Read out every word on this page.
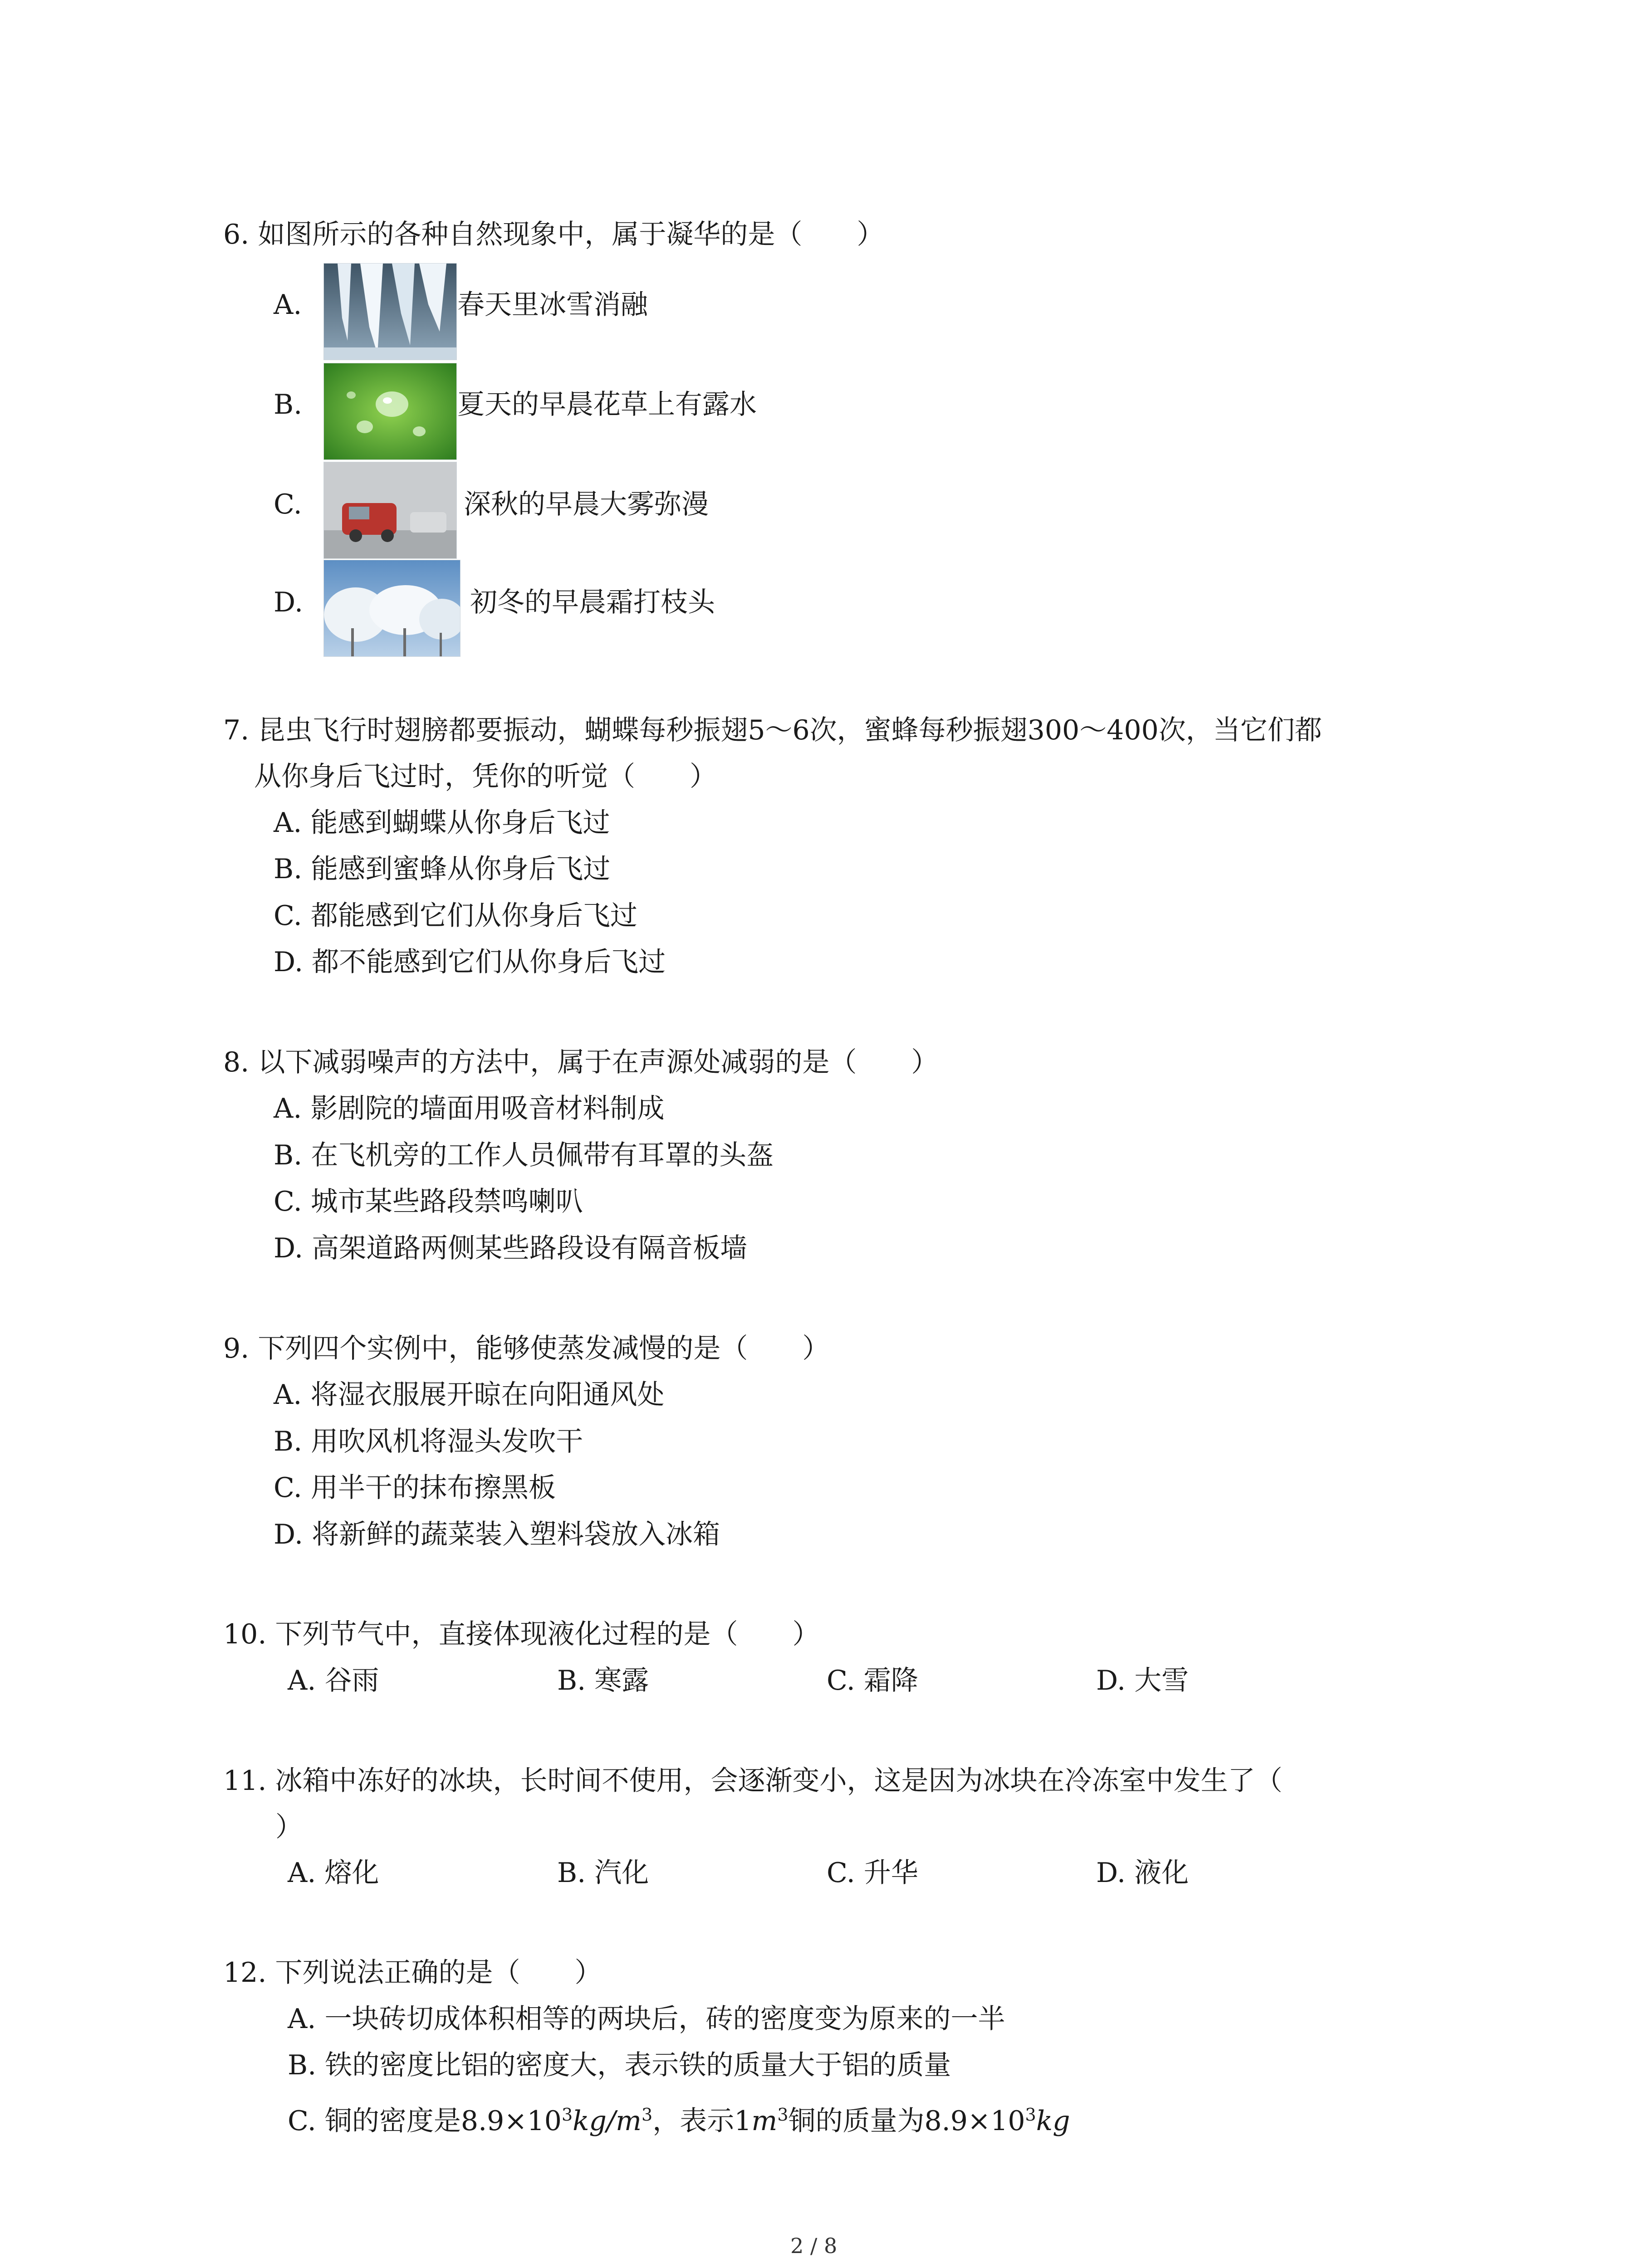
6. 如图所示的各种自然现象中，属于凝华的是（　　）
A.	春天里冰雪消融
B.	夏天的早晨花草上有露水
C.	深秋的早晨大雾弥漫
D.	初冬的早晨霜打枝头
7. 昆虫飞行时翅膀都要振动，蝴蝶每秒振翅5～6次，蜜蜂每秒振翅300～400次，当它们都
从你身后飞过时，凭你的听觉（　　）
A. 能感到蝴蝶从你身后飞过
B. 能感到蜜蜂从你身后飞过
C. 都能感到它们从你身后飞过
D. 都不能感到它们从你身后飞过
8. 以下减弱噪声的方法中，属于在声源处减弱的是（　　）
A. 影剧院的墙面用吸音材料制成
B. 在飞机旁的工作人员佩带有耳罩的头盔
C. 城市某些路段禁鸣喇叭
D. 高架道路两侧某些路段设有隔音板墙
9. 下列四个实例中，能够使蒸发减慢的是（　　）
A. 将湿衣服展开晾在向阳通风处
B. 用吹风机将湿头发吹干
C. 用半干的抹布擦黑板
D. 将新鲜的蔬菜装入塑料袋放入冰箱
10. 下列节气中，直接体现液化过程的是（　　）
A. 谷雨	B. 寒露	C. 霜降	D. 大雪
11. 冰箱中冻好的冰块，长时间不使用，会逐渐变小，这是因为冰块在冷冻室中发生了（
）
A. 熔化	B. 汽化	C. 升华	D. 液化
12. 下列说法正确的是（　　）
A. 一块砖切成体积相等的两块后，砖的密度变为原来的一半
B. 铁的密度比铝的密度大，表示铁的质量大于铝的质量
C. 铜的密度是$8.9\times 10^3kg/m^3$，表示$1m^3$铜的质量为$8.9\times 10^3kg$
2 / 8
